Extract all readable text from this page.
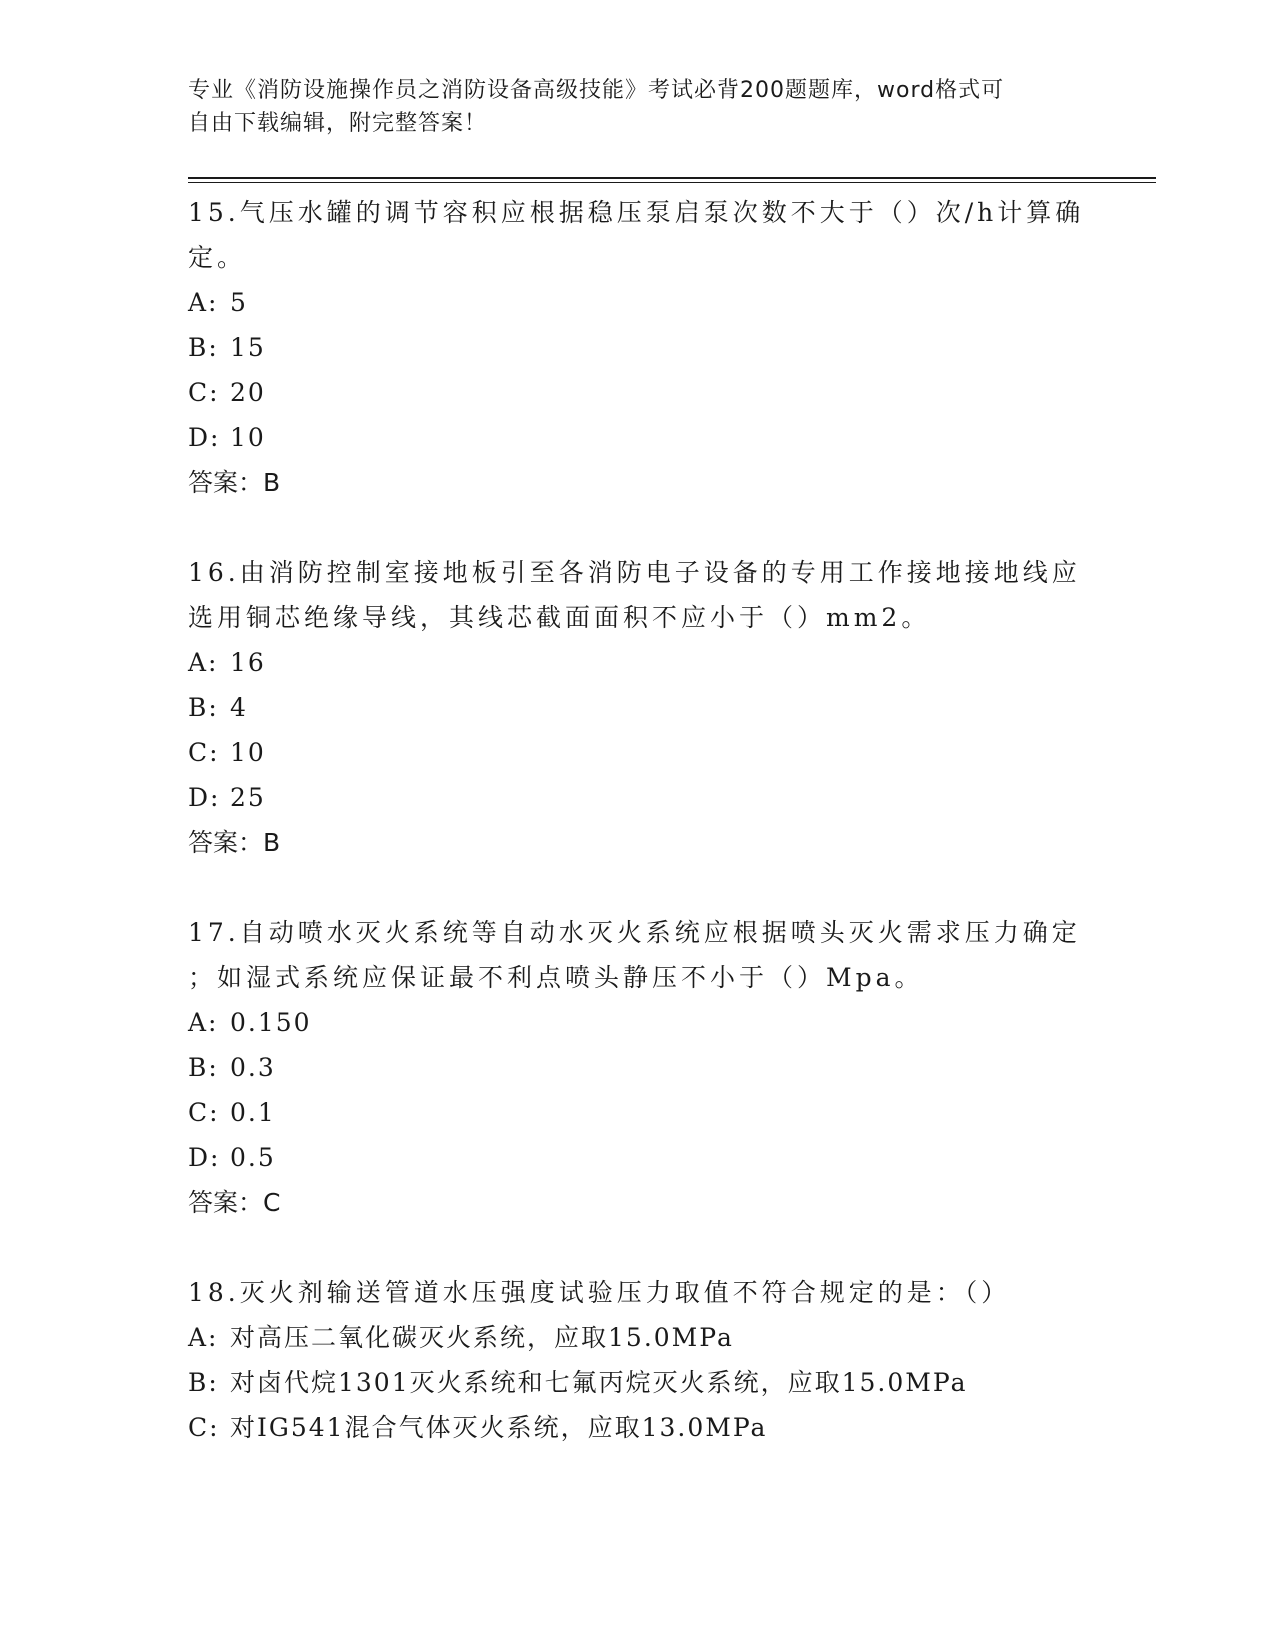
专业《消防设施操作员之消防设备高级技能》考试必背200题题库，word格式可
自由下载编辑，附完整答案！

15.气压水罐的调节容积应根据稳压泵启泵次数不大于（）次/h计算确
定。

A: 5

B: 15

C: 20

D: 10

答案：B

16.由消防控制室接地板引至各消防电子设备的专用工作接地接地线应
选用铜芯绝缘导线，其线芯截面面积不应小于（）mm2。

A: 16

B: 4

C: 10

D: 25

答案：B

17.自动喷水灭火系统等自动水灭火系统应根据喷头灭火需求压力确定
；如湿式系统应保证最不利点喷头静压不小于（）Mpa。

A: 0.150

B: 0.3

C: 0.1

D: 0.5

答案：C

18.灭火剂输送管道水压强度试验压力取值不符合规定的是：（）

A: 对高压二氧化碳灭火系统，应取15.0MPa

B: 对卤代烷1301灭火系统和七氟丙烷灭火系统，应取15.0MPa

C: 对IG541混合气体灭火系统，应取13.0MPa
